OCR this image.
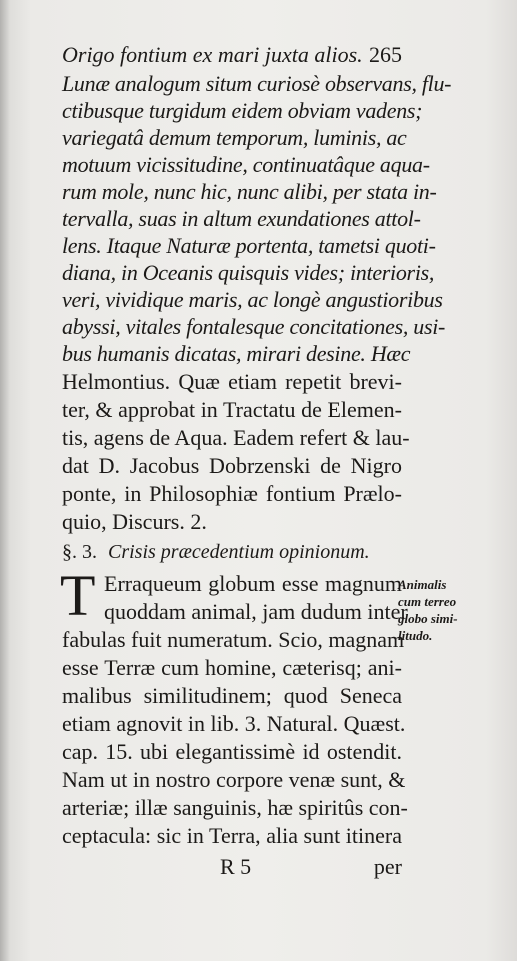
Origo fontium ex mari juxta alios. 265
Lunæ analogum situm curiosè observans, flu-
ctibusque turgidum eidem obviam vadens;
variegatâ demum temporum, luminis, ac
motuum vicissitudine, continuatâque aqua-
rum mole, nunc hic, nunc alibi, per stata in-
tervalla, suas in altum exundationes attol-
lens. Itaque Naturæ portenta, tametsi quoti-
diana, in Oceanis quisquis vides; interioris,
veri, vividique maris, ac longè angustioribus
abyssi, vitales fontalesque concitationes, usi-
bus humanis dicatas, mirari desine. Hæc
Helmontius. Quæ etiam repetit brevi-
ter, & approbat in Tractatu de Elemen-
tis, agens de Aqua. Eadem refert & lau-
dat D. Jacobus Dobrzenski de Nigro
ponte, in Philosophiæ fontium Prælo-
quio, Discurs. 2.
§. 3. Crisis præcedentium opinionum.
T Erraqueum globum esse magnum
quoddam animal, jam dudum inter
fabulas fuit numeratum. Scio, magnam
esse Terræ cum homine, cæterisq; ani-
malibus similitudinem; quod Seneca
etiam agnovit in lib. 3. Natural. Quæst.
cap. 15. ubi elegantissimè id ostendit.
Nam ut in nostro corpore venæ sunt, &
arteriæ; illæ sanguinis, hæ spiritûs con-
ceptacula: sic in Terra, alia sunt itinera
Animalis
cum terreo
globo simi-
litudo.
R 5	per
